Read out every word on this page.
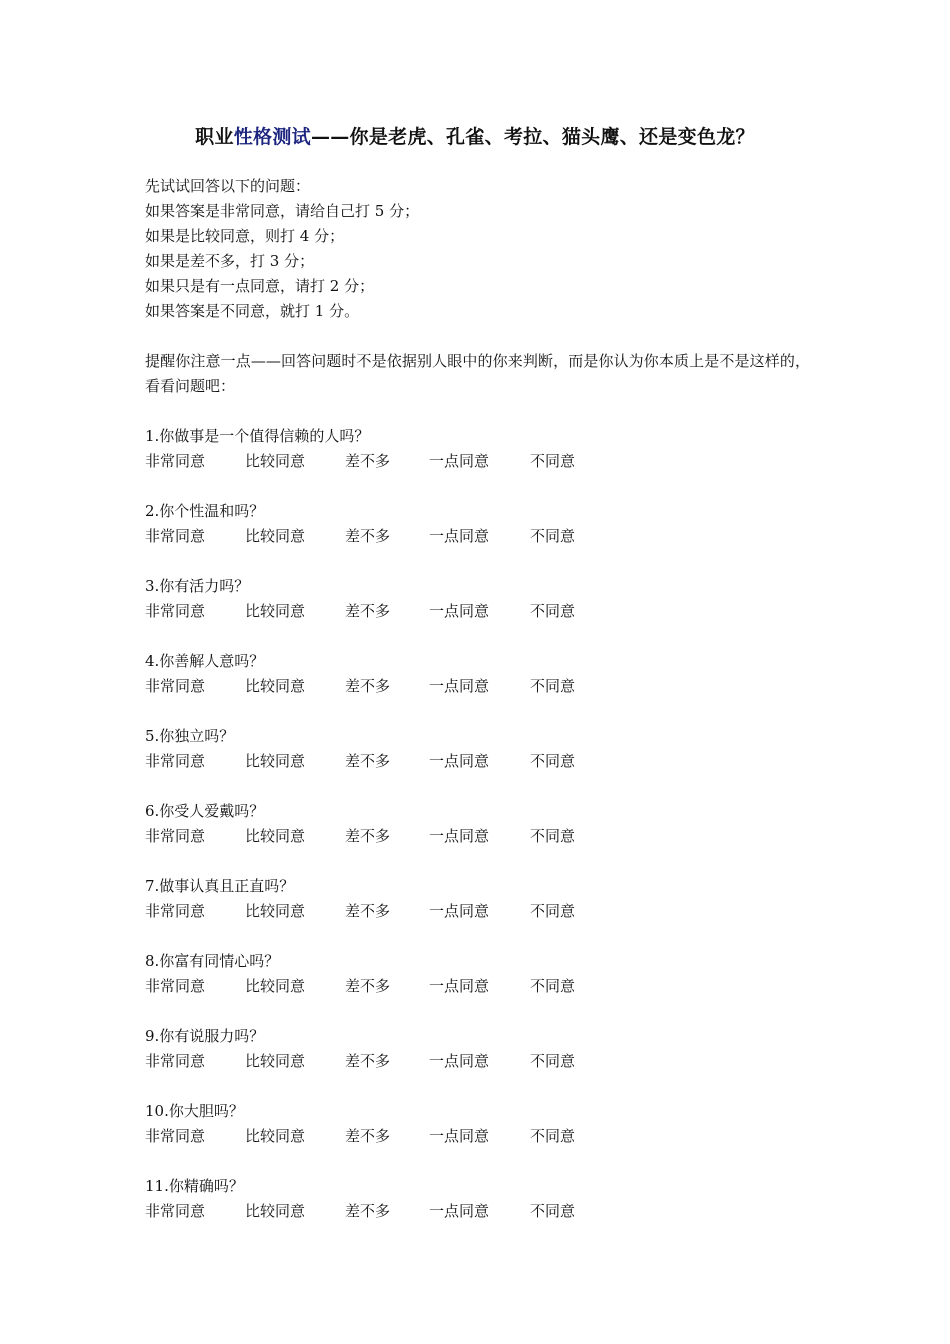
职业性格测试——你是老虎、孔雀、考拉、猫头鹰、还是变色龙？
先试试回答以下的问题：
如果答案是非常同意，请给自己打 5 分；
如果是比较同意，则打 4 分；
如果是差不多，打 3 分；
如果只是有一点同意，请打 2 分；
如果答案是不同意，就打 1 分。
提醒你注意一点——回答问题时不是依据别人眼中的你来判断，而是你认为你本质上是不是这样的，看看问题吧：
1.你做事是一个值得信赖的人吗？
非常同意	比较同意	差不多	一点同意	不同意
2.你个性温和吗？
非常同意	比较同意	差不多	一点同意	不同意
3.你有活力吗？
非常同意	比较同意	差不多	一点同意	不同意
4.你善解人意吗？
非常同意	比较同意	差不多	一点同意	不同意
5.你独立吗？
非常同意	比较同意	差不多	一点同意	不同意
6.你受人爱戴吗？
非常同意	比较同意	差不多	一点同意	不同意
7.做事认真且正直吗？
非常同意	比较同意	差不多	一点同意	不同意
8.你富有同情心吗？
非常同意	比较同意	差不多	一点同意	不同意
9.你有说服力吗？
非常同意	比较同意	差不多	一点同意	不同意
10.你大胆吗？
非常同意	比较同意	差不多	一点同意	不同意
11.你精确吗？
非常同意	比较同意	差不多	一点同意	不同意
